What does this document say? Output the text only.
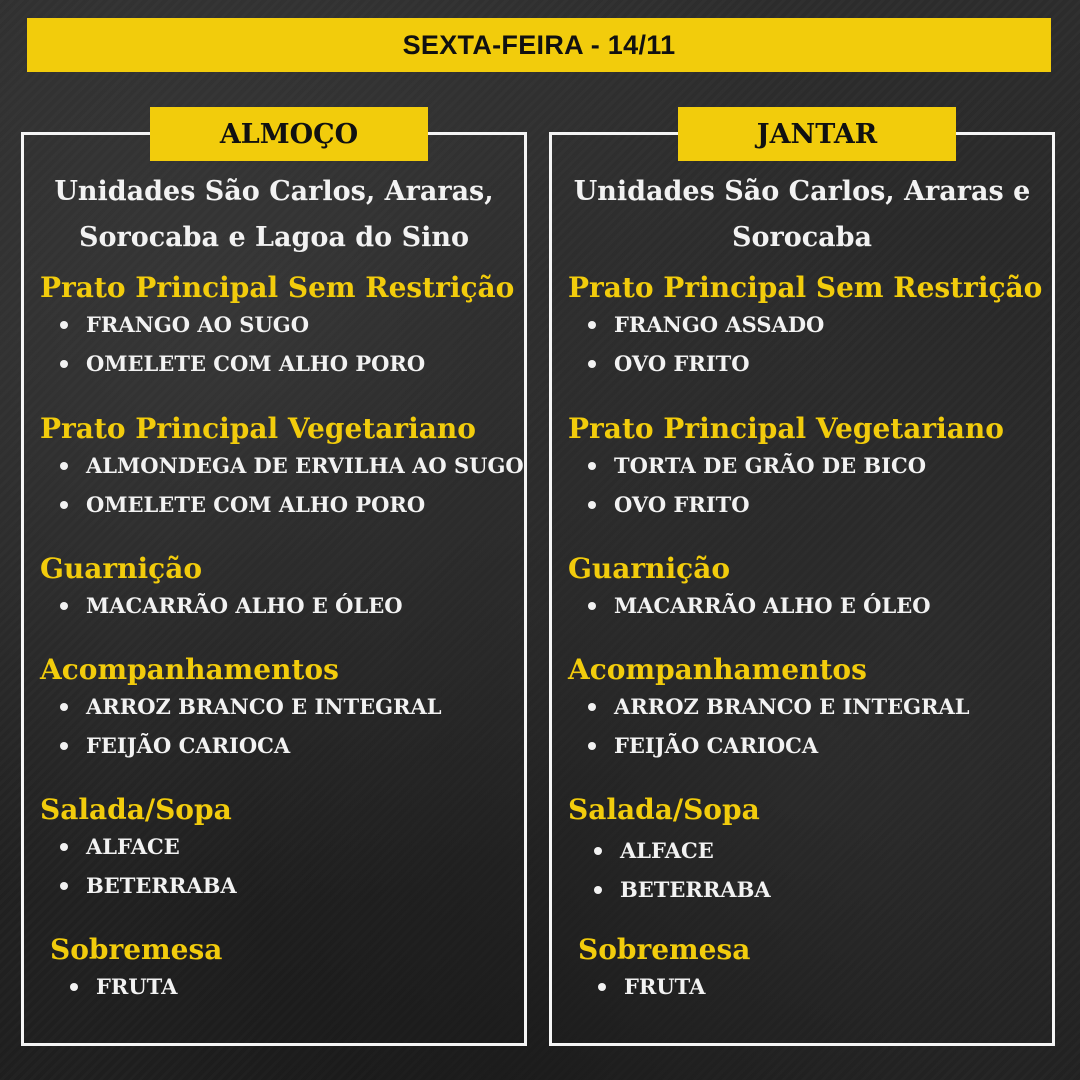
SEXTA-FEIRA - 14/11
ALMOÇO
Unidades São Carlos, Araras,
Sorocaba e Lagoa do Sino
Prato Principal Sem Restrição
FRANGO AO SUGO
OMELETE COM ALHO PORO
Prato Principal Vegetariano
ALMONDEGA DE ERVILHA AO SUGO
OMELETE COM ALHO PORO
Guarnição
MACARRÃO ALHO E ÓLEO
Acompanhamentos
ARROZ BRANCO E INTEGRAL
FEIJÃO CARIOCA
Salada/Sopa
ALFACE
BETERRABA
Sobremesa
FRUTA
JANTAR
Unidades São Carlos, Araras e
Sorocaba
Prato Principal Sem Restrição
FRANGO ASSADO
OVO FRITO
Prato Principal Vegetariano
TORTA DE GRÃO DE BICO
OVO FRITO
Guarnição
MACARRÃO ALHO E ÓLEO
Acompanhamentos
ARROZ BRANCO E INTEGRAL
FEIJÃO CARIOCA
Salada/Sopa
ALFACE
BETERRABA
Sobremesa
FRUTA
